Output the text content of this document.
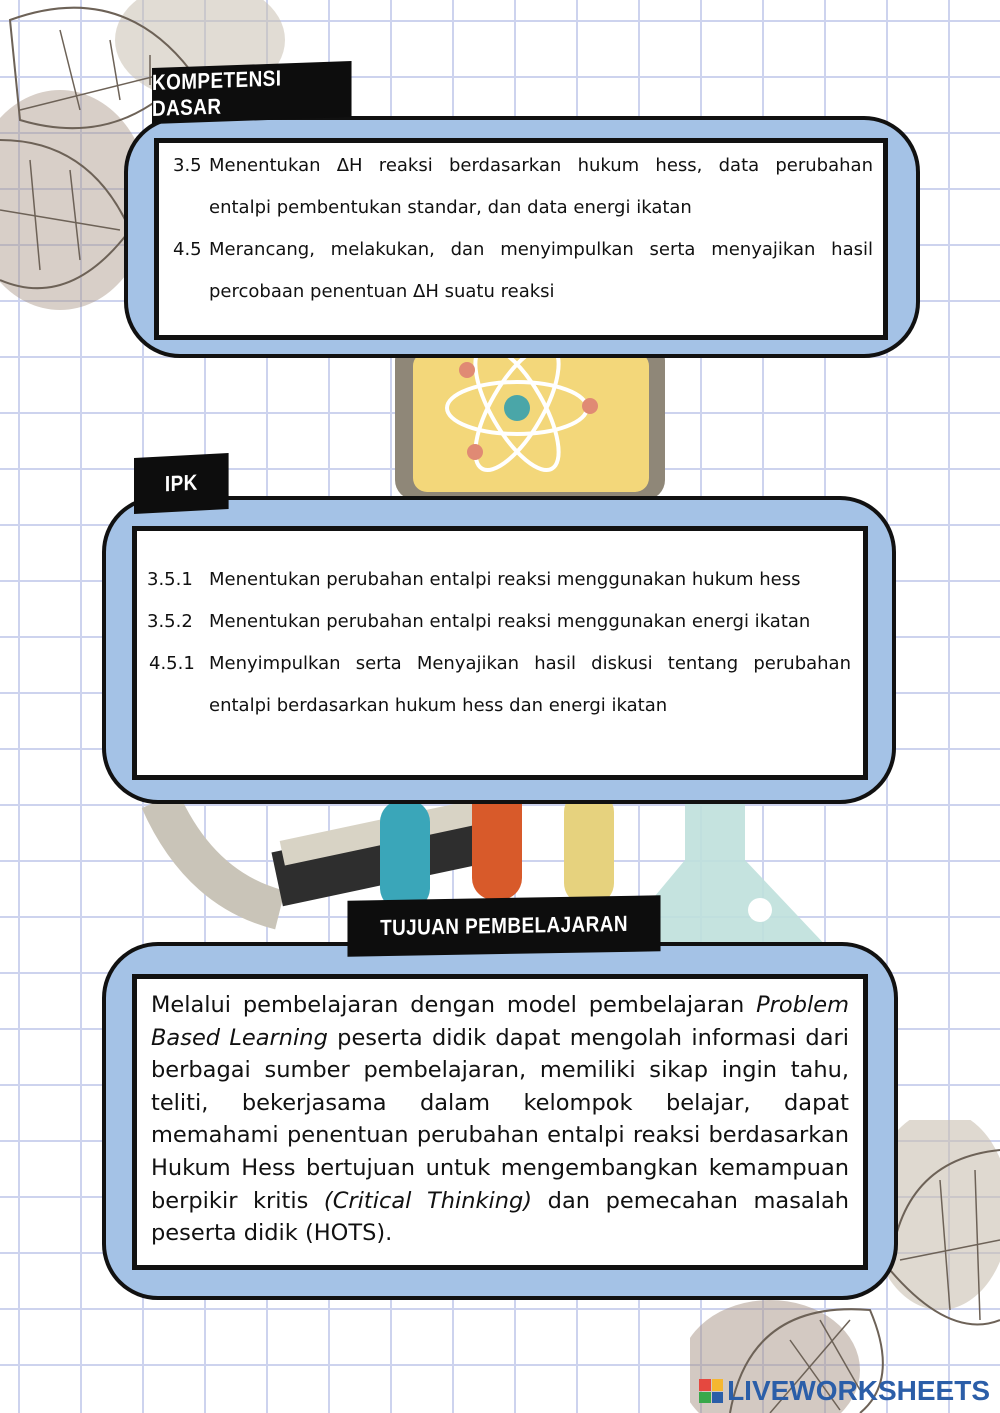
KOMPETENSI DASAR
3.5 Menentukan ΔH reaksi berdasarkan hukum hess, data perubahan
entalpi pembentukan standar, dan data energi ikatan
4.5 Merancang, melakukan, dan menyimpulkan serta menyajikan hasil
percobaan penentuan ΔH suatu reaksi
IPK
3.5.1 Menentukan perubahan entalpi reaksi menggunakan hukum hess
3.5.2 Menentukan perubahan entalpi reaksi menggunakan energi ikatan
4.5.1 Menyimpulkan serta Menyajikan hasil diskusi tentang perubahan
entalpi berdasarkan hukum hess dan energi ikatan
TUJUAN PEMBELAJARAN
Melalui pembelajaran dengan model pembelajaran Problem Based Learning peserta didik dapat mengolah informasi dari berbagai sumber pembelajaran, memiliki sikap ingin tahu, teliti, bekerjasama dalam kelompok belajar, dapat memahami penentuan perubahan entalpi reaksi berdasarkan Hukum Hess bertujuan untuk mengembangkan kemampuan berpikir kritis (Critical Thinking) dan pemecahan masalah peserta didik (HOTS).
LIVEWORKSHEETS
